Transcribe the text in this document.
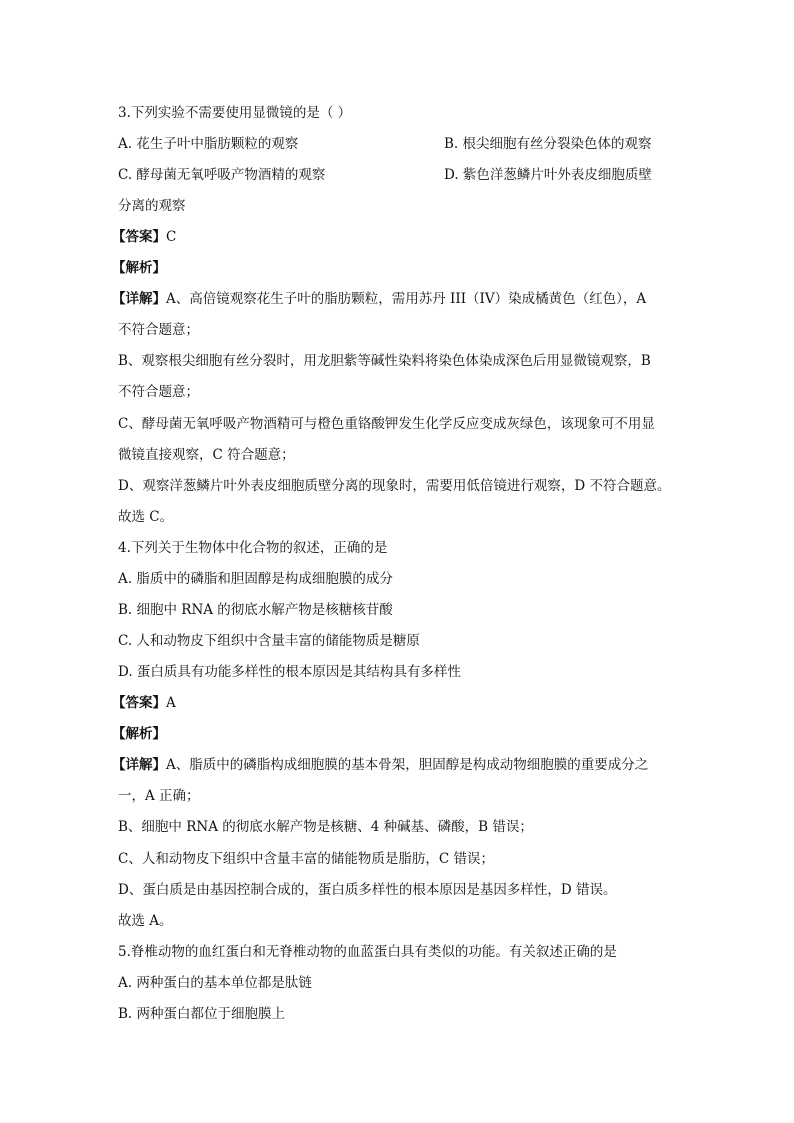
3.下列实验不需要使用显微镜的是（ ）
A. 花生子叶中脂肪颗粒的观察	B. 根尖细胞有丝分裂染色体的观察
C. 酵母菌无氧呼吸产物酒精的观察	D. 紫色洋葱鳞片叶外表皮细胞质壁
分离的观察
【答案】C
【解析】
【详解】A、高倍镜观察花生子叶的脂肪颗粒，需用苏丹 III（IV）染成橘黄色（红色），A
不符合题意；
B、观察根尖细胞有丝分裂时，用龙胆紫等碱性染料将染色体染成深色后用显微镜观察，B
不符合题意；
C、酵母菌无氧呼吸产物酒精可与橙色重铬酸钾发生化学反应变成灰绿色，该现象可不用显
微镜直接观察，C 符合题意；
D、观察洋葱鳞片叶外表皮细胞质壁分离的现象时，需要用低倍镜进行观察，D 不符合题意。
故选 C。
4.下列关于生物体中化合物的叙述，正确的是
A. 脂质中的磷脂和胆固醇是构成细胞膜的成分
B. 细胞中 RNA 的彻底水解产物是核糖核苷酸
C. 人和动物皮下组织中含量丰富的储能物质是糖原
D. 蛋白质具有功能多样性的根本原因是其结构具有多样性
【答案】A
【解析】
【详解】A、脂质中的磷脂构成细胞膜的基本骨架，胆固醇是构成动物细胞膜的重要成分之
一，A 正确；
B、细胞中 RNA 的彻底水解产物是核糖、4 种碱基、磷酸，B 错误；
C、人和动物皮下组织中含量丰富的储能物质是脂肪，C 错误；
D、蛋白质是由基因控制合成的，蛋白质多样性的根本原因是基因多样性，D 错误。
故选 A。
5.脊椎动物的血红蛋白和无脊椎动物的血蓝蛋白具有类似的功能。有关叙述正确的是
A. 两种蛋白的基本单位都是肽链
B. 两种蛋白都位于细胞膜上
